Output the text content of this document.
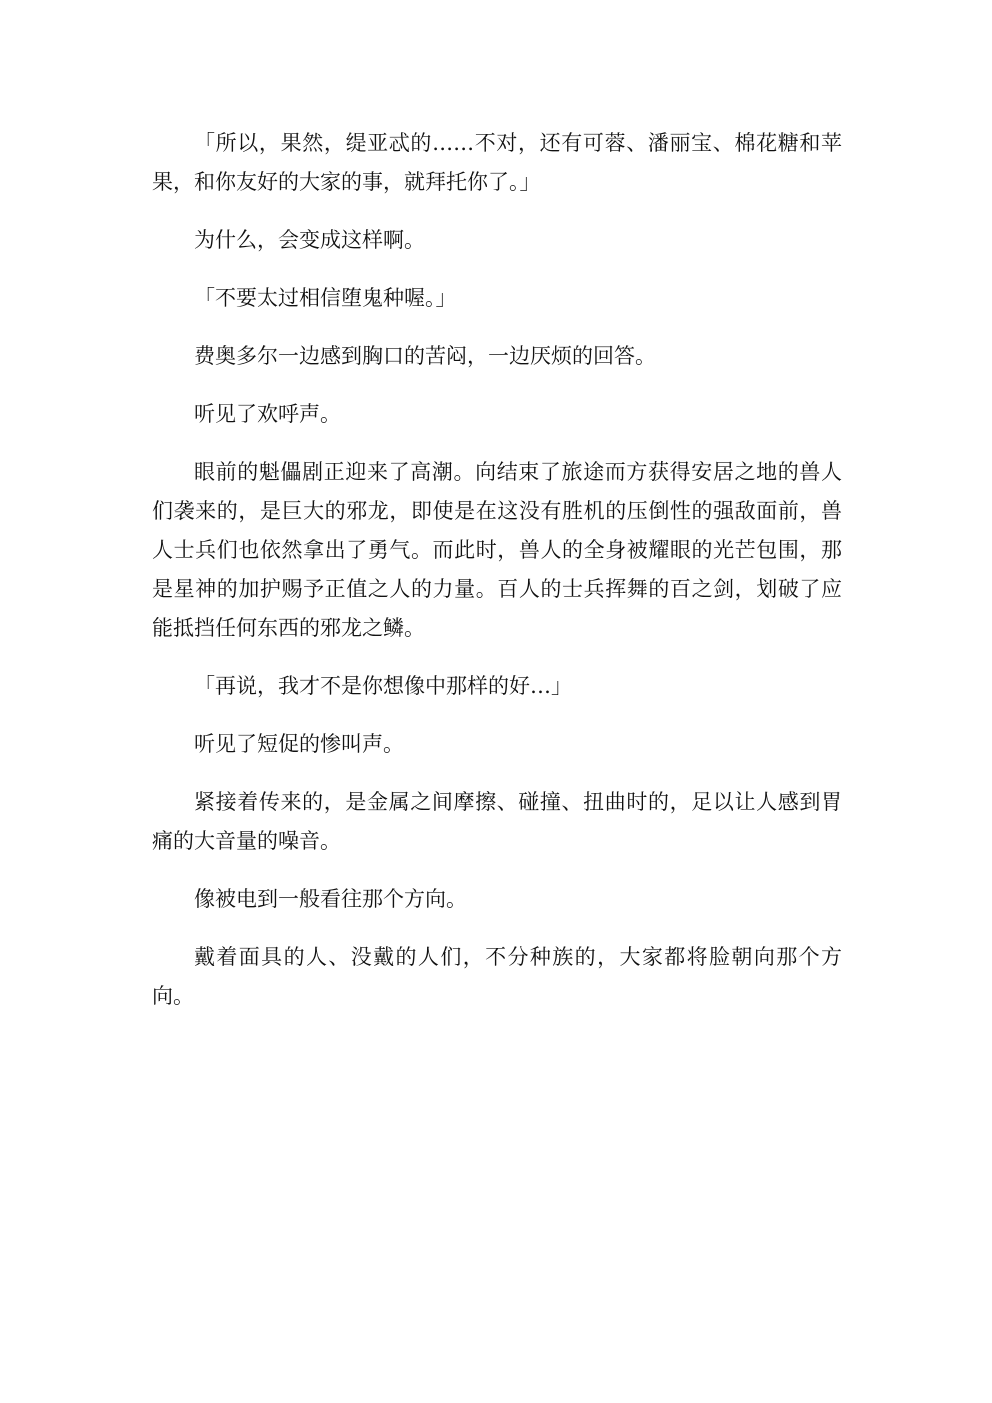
「所以，果然，缇亚忒的……不对，还有可蓉、潘丽宝、棉花糖和苹果，和你友好的大家的事，就拜托你了。」

为什么，会变成这样啊。

「不要太过相信堕鬼种喔。」

费奥多尔一边感到胸口的苦闷，一边厌烦的回答。

听见了欢呼声。

眼前的魁儡剧正迎来了高潮。向结束了旅途而方获得安居之地的兽人们袭来的，是巨大的邪龙，即使是在这没有胜机的压倒性的强敌面前，兽人士兵们也依然拿出了勇气。而此时，兽人的全身被耀眼的光芒包围，那是星神的加护赐予正值之人的力量。百人的士兵挥舞的百之剑，划破了应能抵挡任何东西的邪龙之鳞。

「再说，我才不是你想像中那样的好…」

听见了短促的惨叫声。

紧接着传来的，是金属之间摩擦、碰撞、扭曲时的，足以让人感到胃痛的大音量的噪音。

像被电到一般看往那个方向。

戴着面具的人、没戴的人们，不分种族的，大家都将脸朝向那个方向。
